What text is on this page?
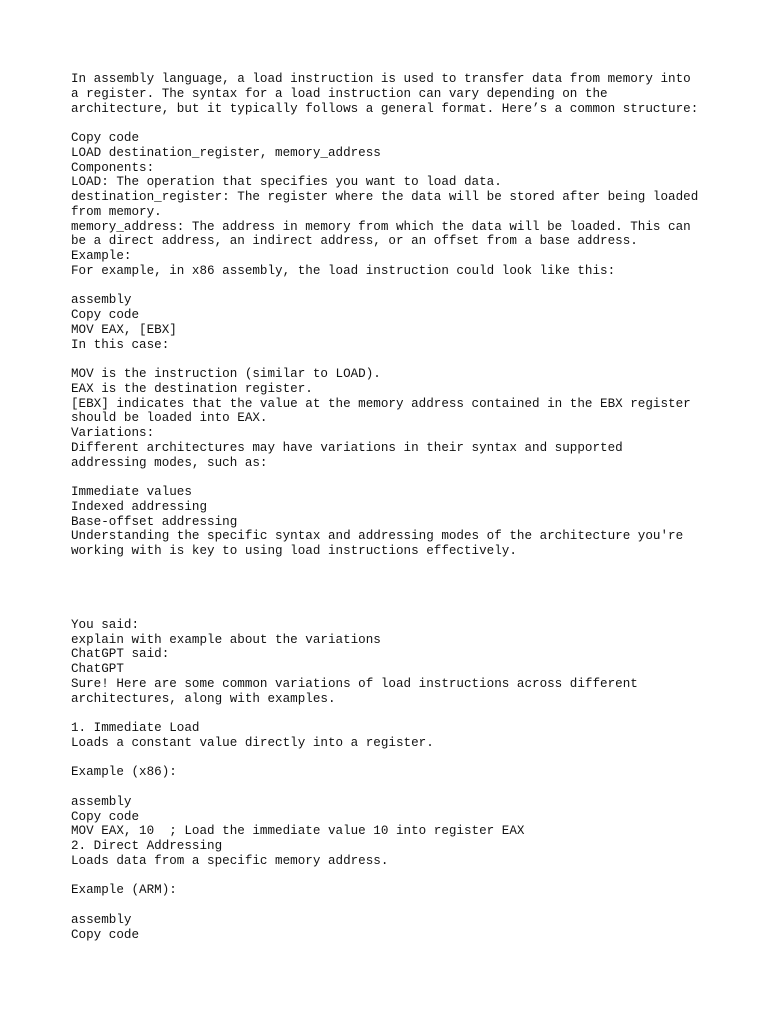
In assembly language, a load instruction is used to transfer data from memory into
a register. The syntax for a load instruction can vary depending on the
architecture, but it typically follows a general format. Here’s a common structure:
Copy code
LOAD destination_register, memory_address
Components:
LOAD: The operation that specifies you want to load data.
destination_register: The register where the data will be stored after being loaded
from memory.
memory_address: The address in memory from which the data will be loaded. This can
be a direct address, an indirect address, or an offset from a base address.
Example:
For example, in x86 assembly, the load instruction could look like this:
assembly
Copy code
MOV EAX, [EBX]
In this case:
MOV is the instruction (similar to LOAD).
EAX is the destination register.
[EBX] indicates that the value at the memory address contained in the EBX register
should be loaded into EAX.
Variations:
Different architectures may have variations in their syntax and supported
addressing modes, such as:
Immediate values
Indexed addressing
Base-offset addressing
Understanding the specific syntax and addressing modes of the architecture you're
working with is key to using load instructions effectively.
You said:
explain with example about the variations
ChatGPT said:
ChatGPT
Sure! Here are some common variations of load instructions across different
architectures, along with examples.
1. Immediate Load
Loads a constant value directly into a register.
Example (x86):
assembly
Copy code
MOV EAX, 10  ; Load the immediate value 10 into register EAX
2. Direct Addressing
Loads data from a specific memory address.
Example (ARM):
assembly
Copy code
